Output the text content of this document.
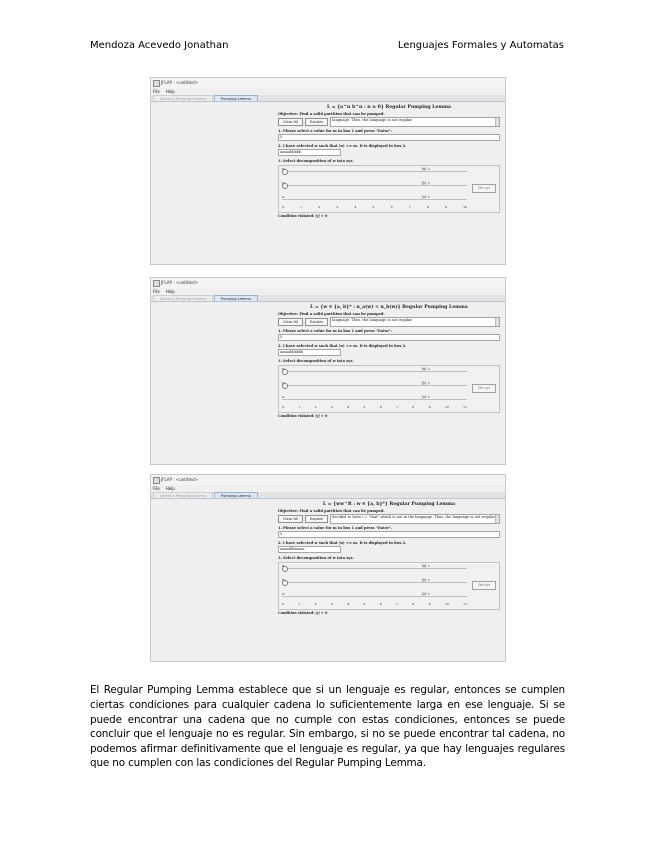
Mendoza Acevedo Jonathan	Lenguajes Formales y Automatas
JFLAP : <untitled>
File Help
Select a Pumping Lemma	Pumping Lemma
L = {a^n b^n : n ≥ 0} Regular Pumping Lemma
Objective: Find a valid partition that can be pumped.
Clear All	Explain	language. Thus, the language is not regular.
1. Please select a value for m in box 1 and press "Enter".
5
2. I have selected w such that |w| >= m. It is displayed in box 2.
aaaaabbbbb
3. Select decomposition of w into xyz.
|x| =
|y| =
z:	|z| =
Set xyz
0	1	2	3	4	5	6	7	8	9	10
Condition violated: |y| > 0
JFLAP : <untitled>
File Help
Select a Pumping Lemma	Pumping Lemma
L = {w ∈ {a, b}* : n_a(w) < n_b(w)} Regular Pumping Lemma
Objective: Find a valid partition that can be pumped.
Clear All	Explain	language. Thus, the language is not regular.
1. Please select a value for m in box 1 and press "Enter".
5
2. I have selected w such that |w| >= m. It is displayed in box 2.
aaaaabbbbbb
3. Select decomposition of w into xyz.
|x| =
|y| =
z:	|z| =
Set xyz
0	1	2	3	4	5	6	7	8	9	10	11
Condition violated: |y| > 0
JFLAP : <untitled>
File Help
Select a Pumping Lemma	Pumping Lemma
L = {ww^R : w ∈ {a, b}*} Regular Pumping Lemma
Objective: Find a valid partition that can be pumped.
Clear All	Explain	decided to have i = "that" which is not in the language. Thus, the language is not regular
1. Please select a value for m in box 1 and press "Enter".
5
2. I have selected w such that |w| >= m. It is displayed in box 2.
aaaaabbaaaaa
3. Select decomposition of w into xyz.
|x| =
|y| =
z:	|z| =
Set xyz
0	1	2	3	4	5	6	7	8	9	10	11
Condition violated: |y| > 0

El Regular Pumping Lemma establece que si un lenguaje es regular, entonces se cumplen ciertas condiciones para cualquier cadena lo suficientemente larga en ese lenguaje. Si se puede encontrar una cadena que no cumple con estas condiciones, entonces se puede concluir que el lenguaje no es regular. Sin embargo, si no se puede encontrar tal cadena, no podemos afirmar definitivamente que el lenguaje es regular, ya que hay lenguajes regulares que no cumplen con las condiciones del Regular Pumping Lemma.
